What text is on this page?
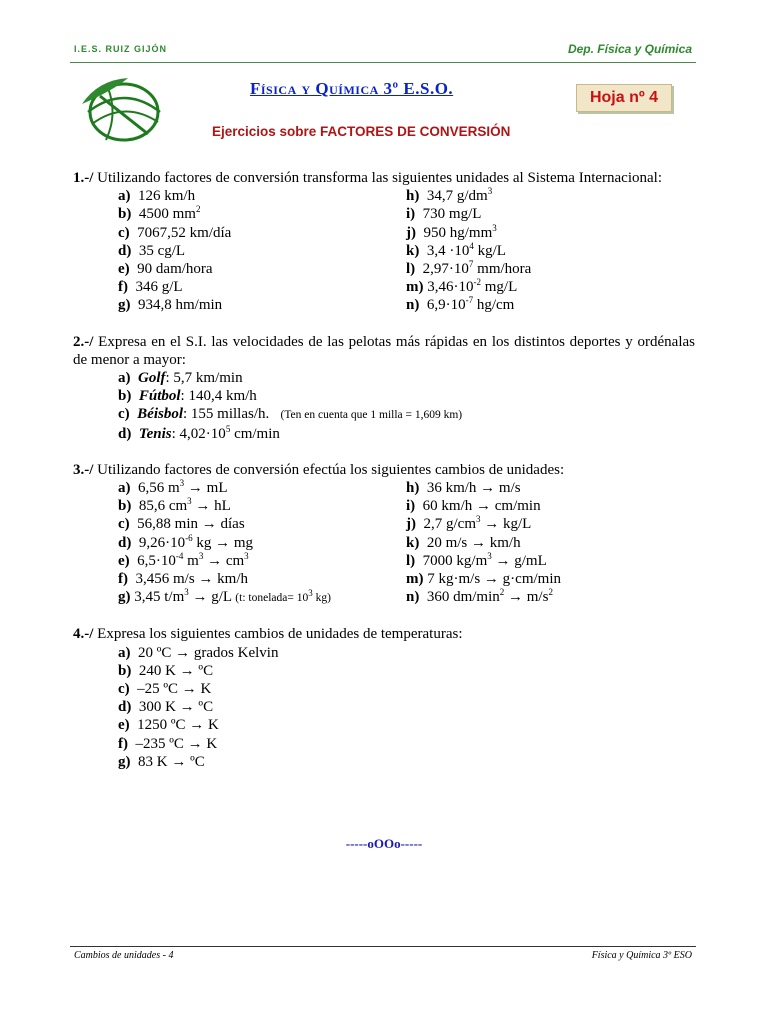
I.E.S. RUIZ GIJÓN	Dep. Física y Química
Física y Química 3º E.S.O.	Hoja nº 4
Ejercicios sobre FACTORES DE CONVERSIÓN

1.-/ Utilizando factores de conversión transforma las siguientes unidades al Sistema Internacional:

a) 126 km/h
b) 4500 $mm^2$
c) 7067,52 km/día
d) 35 cg/L
e) 90 dam/hora
f) 346 g/L
g) 934,8 hm/min
h) 34,7 $g/dm^3$
i) 730 mg/L
j) 950 $hg/mm^3$
k) $3,4 \cdot 10^4$ kg/L
l) $2,97\cdot 10^7$ mm/hora
m) $3,46\cdot 10^{-2}$ mg/L
n) $6,9\cdot 10^{-7}$ hg/cm

2.-/ Expresa en el S.I. las velocidades de las pelotas más rápidas en los distintos deportes y ordénalas de menor a mayor:

a) Golf: 5,7 km/min
b) Fútbol: 140,4 km/h
c) Béisbol: 155 millas/h. (Ten en cuenta que 1 milla = 1,609 km)
d) Tenis: $4,02\cdot 10^5$ cm/min

3.-/ Utilizando factores de conversión efectúa los siguientes cambios de unidades:

a) 6,56 $m^3$ → mL
b) 85,6 $cm^3$ → hL
c) 56,88 min → días
d) $9,26\cdot 10^{-6}$ kg → mg
e) $6,5\cdot 10^{-4}$ $m^3 \to cm^3$
f) 3,456 m/s → km/h
g) 3,45 $t/m^3 \to g/L$ (t: tonelada= $10^3$ kg)
h) 36 km/h → m/s
i) 60 km/h → cm/min
j) 2,7 $g/cm^3 \to kg/L$
k) 20 m/s → km/h
l) 7000 $kg/m^3 \to g/mL$
m) 7 kg·m/s → g·cm/min
n) 360 $dm/\min^2 \to m/s^2$

4.-/ Expresa los siguientes cambios de unidades de temperaturas:

a) 20 ºC → grados Kelvin
b) 240 K → ºC
c) –25 ºC → K
d) 300 K → ºC
e) 1250 ºC → K
f) –235 ºC → K
g) 83 K → ºC
-----oOOo-----
Cambios de unidades - 4	Física y Química 3º ESO
